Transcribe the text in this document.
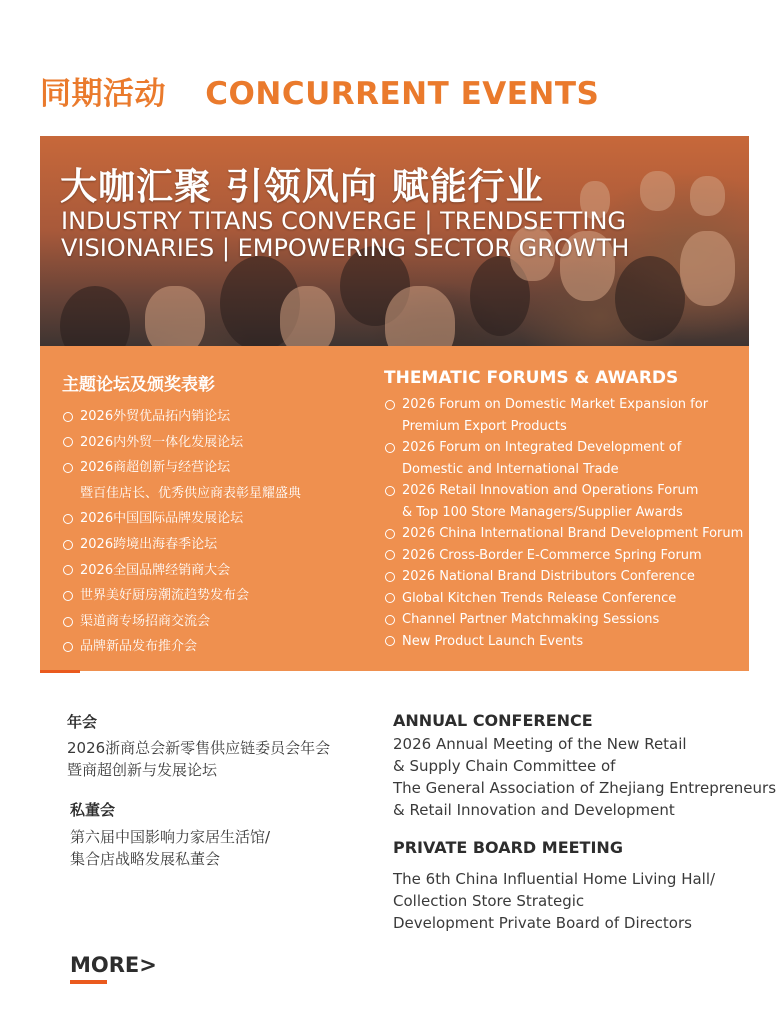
同期活动 CONCURRENT EVENTS
大咖汇聚 引领风向 赋能行业
INDUSTRY TITANS CONVERGE | TRENDSETTING
VISIONARIES | EMPOWERING SECTOR GROWTH
主题论坛及颁奖表彰
2026外贸优品拓内销论坛
2026内外贸一体化发展论坛
2026商超创新与经营论坛
暨百佳店长、优秀供应商表彰星耀盛典
2026中国国际品牌发展论坛
2026跨境出海春季论坛
2026全国品牌经销商大会
世界美好厨房潮流趋势发布会
渠道商专场招商交流会
品牌新品发布推介会
THEMATIC FORUMS & AWARDS
2026 Forum on Domestic Market Expansion for
Premium Export Products
2026 Forum on Integrated Development of
Domestic and International Trade
2026 Retail Innovation and Operations Forum
& Top 100 Store Managers/Supplier Awards
2026 China International Brand Development Forum
2026 Cross-Border E-Commerce Spring Forum
2026 National Brand Distributors Conference
Global Kitchen Trends Release Conference
Channel Partner Matchmaking Sessions
New Product Launch Events
年会
2026浙商总会新零售供应链委员会年会
暨商超创新与发展论坛
私董会
第六届中国影响力家居生活馆/
集合店战略发展私董会
ANNUAL CONFERENCE
2026 Annual Meeting of the New Retail
& Supply Chain Committee of
The General Association of Zhejiang Entrepreneurs
& Retail Innovation and Development
PRIVATE BOARD MEETING
The 6th China Influential Home Living Hall/
Collection Store Strategic
Development Private Board of Directors
MORE>
